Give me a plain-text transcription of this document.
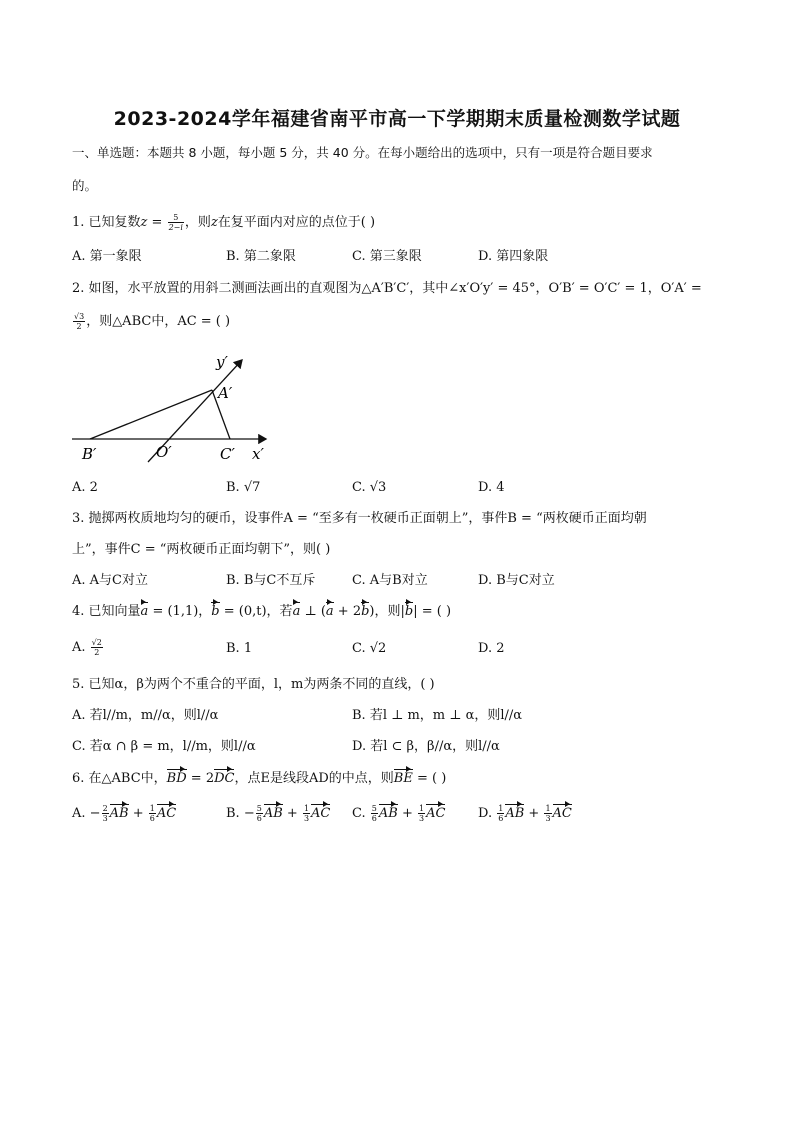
2023-2024学年福建省南平市高一下学期期末质量检测数学试题
一、单选题：本题共 8 小题，每小题 5 分，共 40 分。在每小题给出的选项中，只有一项是符合题目要求
的。
1. 已知复数$z = \frac{5}{2-i}$ ，则z在复平面内对应的点位于( )
A. 第一象限	B. 第二象限	C. 第三象限	D. 第四象限
2. 如图，水平放置的用斜二测画法画出的直观图为△A′B′C′，其中∠x′O′y′ = 45°，O′B′ = O′C′ = 1，O′A′ =
$\frac{√3}{2}$ ，则△ABC中，AC = ( )
y′
A′
B′	O′	C′ x′
A. 2	B. √7	C. √3	D. 4
3. 抛掷两枚质地均匀的硬币，设事件A = “至多有一枚硬币正面朝上”，事件B = “两枚硬币正面均朝
上”，事件C = “两枚硬币正面均朝下”，则( )
A. A与C对立	B. B与C不互斥	C. A与B对立	D. B与C对立
4. 已知向量a = (1,1)，b = (0,t)，若a ⊥ (a + 2b)，则|b| = ( )
A. $\frac{√2}{2}$	B. 1	C. √2	D. 2
5. 已知α，β为两个不重合的平面，l，m为两条不同的直线，( )
A. 若l//m，m//α，则l//α	B. 若l ⊥ m，m ⊥ α，则l//α
C. 若α ∩ β = m，l//m，则l//α	D. 若l ⊂ β，β//α，则l//α
6. 在△ABC中，BD = 2DC，点E是线段AD的中点，则BE = ( )
A. − $\frac{2}{3}$ AB + $\frac{1}{6}$ AC	B. − $\frac{5}{6}$ AB + $\frac{1}{3}$ AC C. $\frac{5}{6}$ AB + $\frac{1}{3}$ AC	D. $\frac{1}{6}$ AB + $\frac{1}{3}$ AC
